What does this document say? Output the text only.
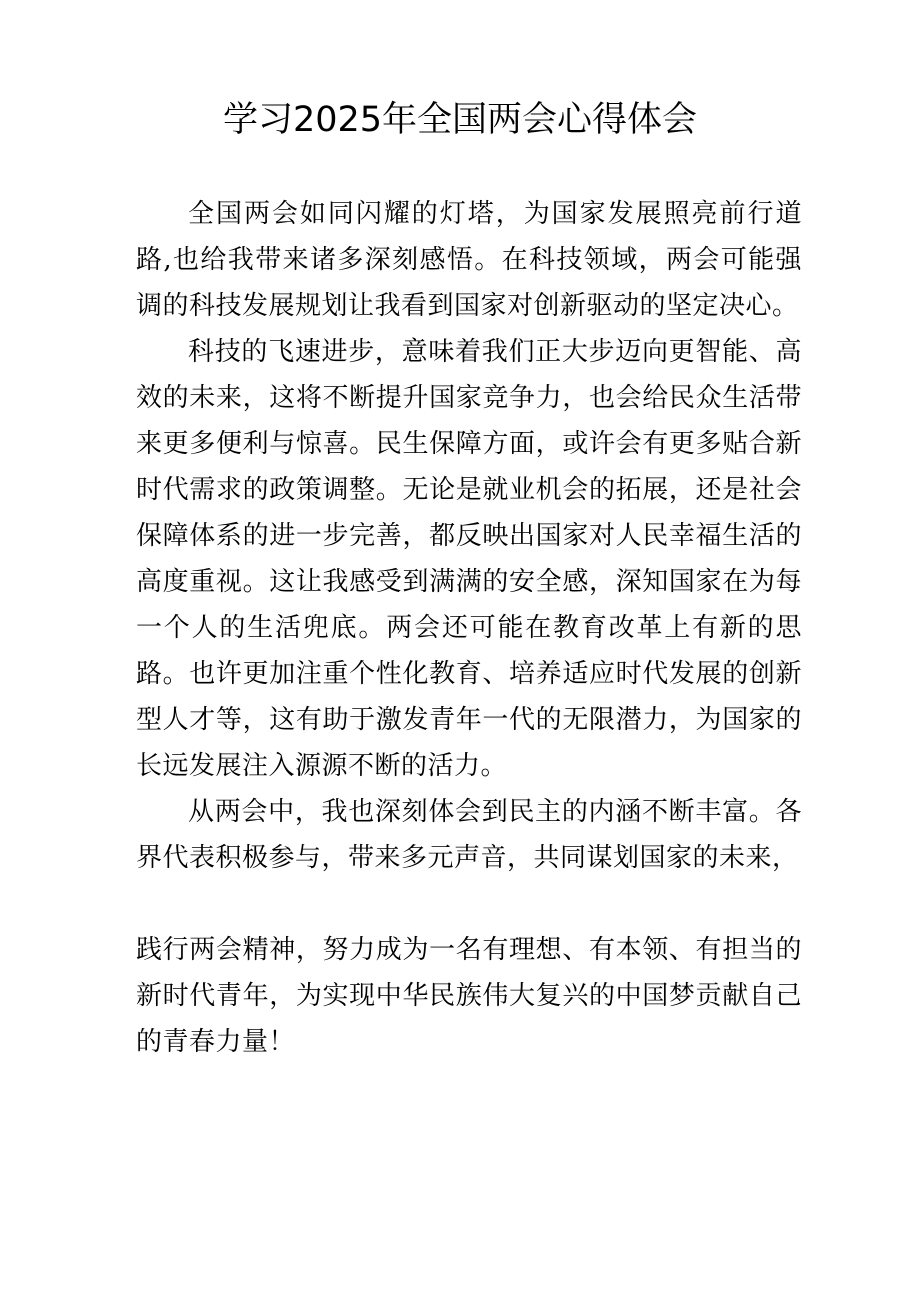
学习2025年全国两会心得体会

全国两会如同闪耀的灯塔，为国家发展照亮前行道路,也给我带来诸多深刻感悟。在科技领域，两会可能强调的科技发展规划让我看到国家对创新驱动的坚定决心。

科技的飞速进步，意味着我们正大步迈向更智能、高效的未来，这将不断提升国家竞争力，也会给民众生活带来更多便利与惊喜。民生保障方面，或许会有更多贴合新时代需求的政策调整。无论是就业机会的拓展，还是社会保障体系的进一步完善，都反映出国家对人民幸福生活的高度重视。这让我感受到满满的安全感，深知国家在为每一个人的生活兜底。两会还可能在教育改革上有新的思路。也许更加注重个性化教育、培养适应时代发展的创新型人才等，这有助于激发青年一代的无限潜力，为国家的长远发展注入源源不断的活力。

从两会中，我也深刻体会到民主的内涵不断丰富。各界代表积极参与，带来多元声音，共同谋划国家的未来，

践行两会精神，努力成为一名有理想、有本领、有担当的新时代青年，为实现中华民族伟大复兴的中国梦贡献自己的青春力量！
